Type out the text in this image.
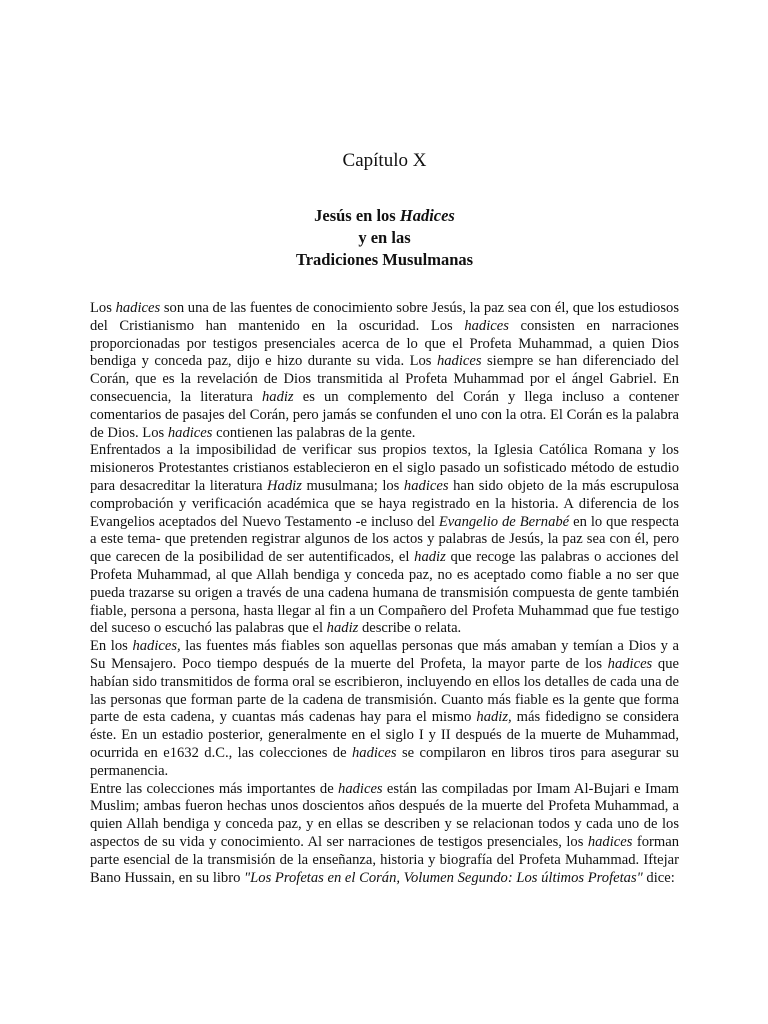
Capítulo X
Jesús en los Hadices
y en las
Tradiciones Musulmanas

Los hadices son una de las fuentes de conocimiento sobre Jesús, la paz sea con él, que los estudiosos del Cristianismo han mantenido en la oscuridad. Los hadices consisten en narraciones proporcionadas por testigos presenciales acerca de lo que el Profeta Muhammad, a quien Dios bendiga y conceda paz, dijo e hizo durante su vida. Los hadices siempre se han diferenciado del Corán, que es la revelación de Dios transmitida al Profeta Muhammad por el ángel Gabriel. En consecuencia, la literatura hadiz es un complemento del Corán y llega incluso a contener comentarios de pasajes del Corán, pero jamás se confunden el uno con la otra. El Corán es la palabra de Dios. Los hadices contienen las palabras de la gente.

Enfrentados a la imposibilidad de verificar sus propios textos, la Iglesia Católica Romana y los misioneros Protestantes cristianos establecieron en el siglo pasado un sofisticado método de estudio para desacreditar la literatura Hadiz musulmana; los hadices han sido objeto de la más escrupulosa comprobación y verificación académica que se haya registrado en la historia. A diferencia de los Evangelios aceptados del Nuevo Testamento -e incluso del Evangelio de Bernabé en lo que respecta a este tema- que pretenden registrar algunos de los actos y palabras de Jesús, la paz sea con él, pero que carecen de la posibilidad de ser autentificados, el hadiz que recoge las palabras o acciones del Profeta Muhammad, al que Allah bendiga y conceda paz, no es aceptado como fiable a no ser que pueda trazarse su origen a través de una cadena humana de transmisión compuesta de gente también fiable, persona a persona, hasta llegar al fin a un Compañero del Profeta Muhammad que fue testigo del suceso o escuchó las palabras que el hadiz describe o relata.

En los hadices, las fuentes más fiables son aquellas personas que más amaban y temían a Dios y a Su Mensajero. Poco tiempo después de la muerte del Profeta, la mayor parte de los hadices que habían sido transmitidos de forma oral se escribieron, incluyendo en ellos los detalles de cada una de las personas que forman parte de la cadena de transmisión. Cuanto más fiable es la gente que forma parte de esta cadena, y cuantas más cadenas hay para el mismo hadiz, más fidedigno se considera éste. En un estadio posterior, generalmente en el siglo I y II después de la muerte de Muhammad, ocurrida en e1632 d.C., las colecciones de hadices se compilaron en libros tiros para asegurar su permanencia.

Entre las colecciones más importantes de hadices están las compiladas por Imam Al-Bujari e Imam Muslim; ambas fueron hechas unos doscientos años después de la muerte del Profeta Muhammad, a quien Allah bendiga y conceda paz, y en ellas se describen y se relacionan todos y cada uno de los aspectos de su vida y conocimiento. Al ser narraciones de testigos presenciales, los hadices forman parte esencial de la transmisión de la enseñanza, historia y biografía del Profeta Muhammad. Iftejar Bano Hussain, en su libro "Los Profetas en el Corán, Volumen Segundo: Los últimos Profetas" dice:
